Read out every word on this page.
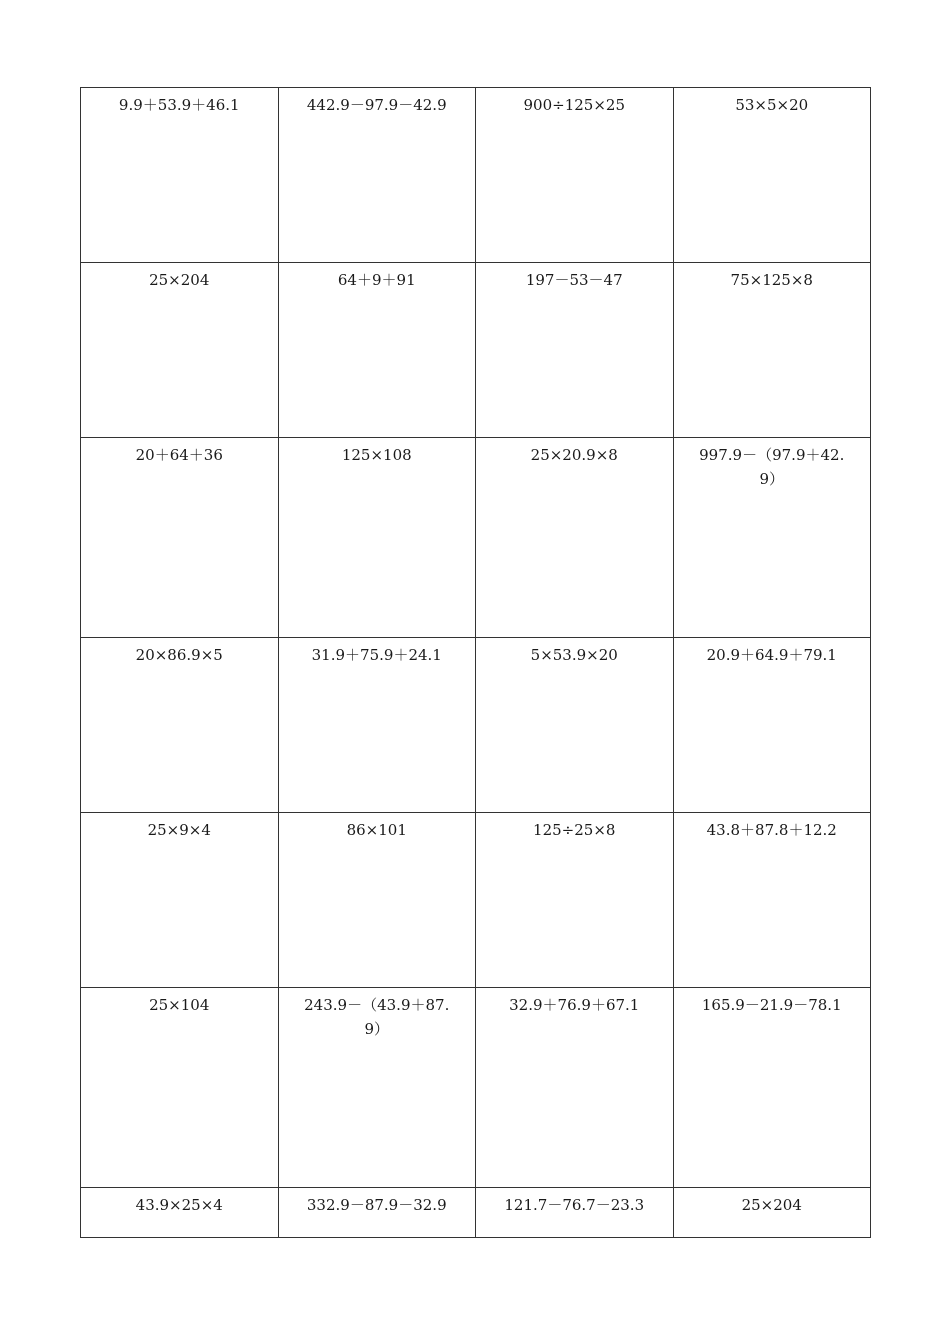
9.9＋53.9＋46.1	442.9－97.9－42.9	900÷125×25	53×5×20
25×204	64＋9＋91	197－53－47	75×125×8
20＋64＋36	125×108	25×20.9×8	997.9－（97.9＋42.9）
20×86.9×5	31.9＋75.9＋24.1	5×53.9×20	20.9＋64.9＋79.1
25×9×4	86×101	125÷25×8	43.8＋87.8＋12.2
25×104	243.9－（43.9＋87.9）	32.9＋76.9＋67.1	165.9－21.9－78.1
43.9×25×4	332.9－87.9－32.9	121.7－76.7－23.3	25×204
